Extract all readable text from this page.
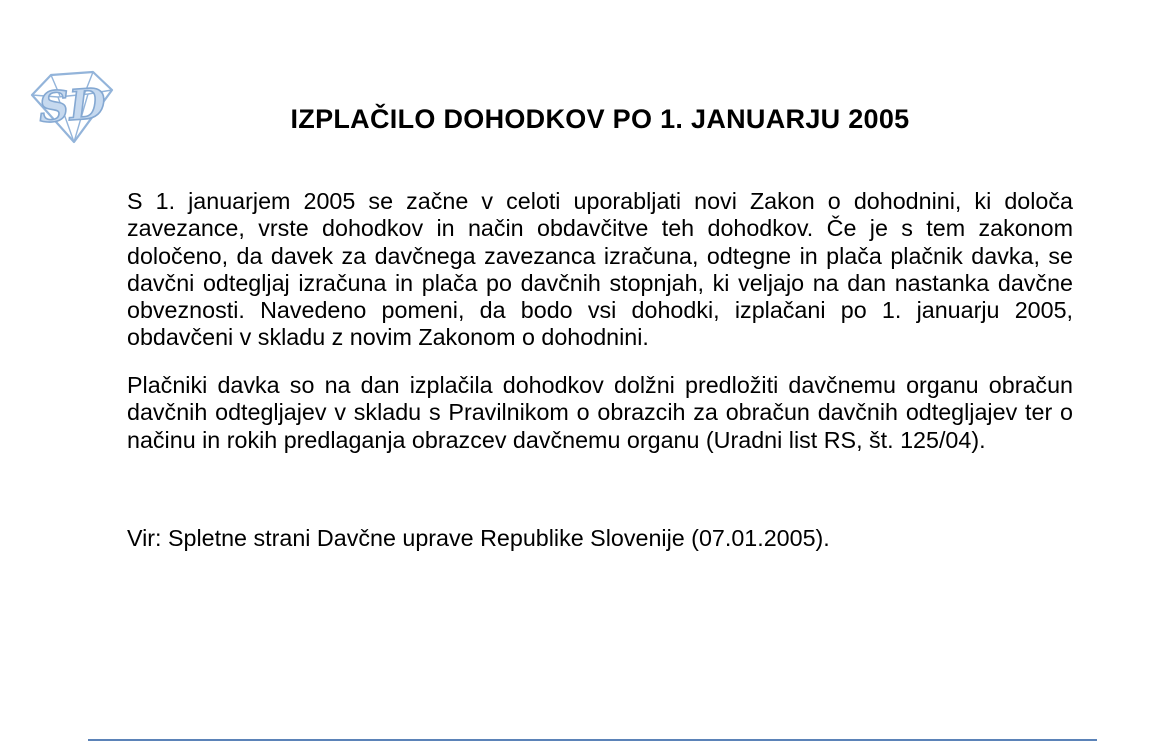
SD	IZPLAČILO DOHODKOV PO 1. JANUARJU 2005

S 1. januarjem 2005 se začne v celoti uporabljati novi Zakon o dohodnini, ki določa zavezance, vrste dohodkov in način obdavčitve teh dohodkov. Če je s tem zakonom določeno, da davek za davčnega zavezanca izračuna, odtegne in plača plačnik davka, se davčni odtegljaj izračuna in plača po davčnih stopnjah, ki veljajo na dan nastanka davčne obveznosti. Navedeno pomeni, da bodo vsi dohodki, izplačani po 1. januarju 2005, obdavčeni v skladu z novim Zakonom o dohodnini.

Plačniki davka so na dan izplačila dohodkov dolžni predložiti davčnemu organu obračun davčnih odtegljajev v skladu s Pravilnikom o obrazcih za obračun davčnih odtegljajev ter o načinu in rokih predlaganja obrazcev davčnemu organu (Uradni list RS, št. 125/04).

Vir: Spletne strani Davčne uprave Republike Slovenije (07.01.2005).
